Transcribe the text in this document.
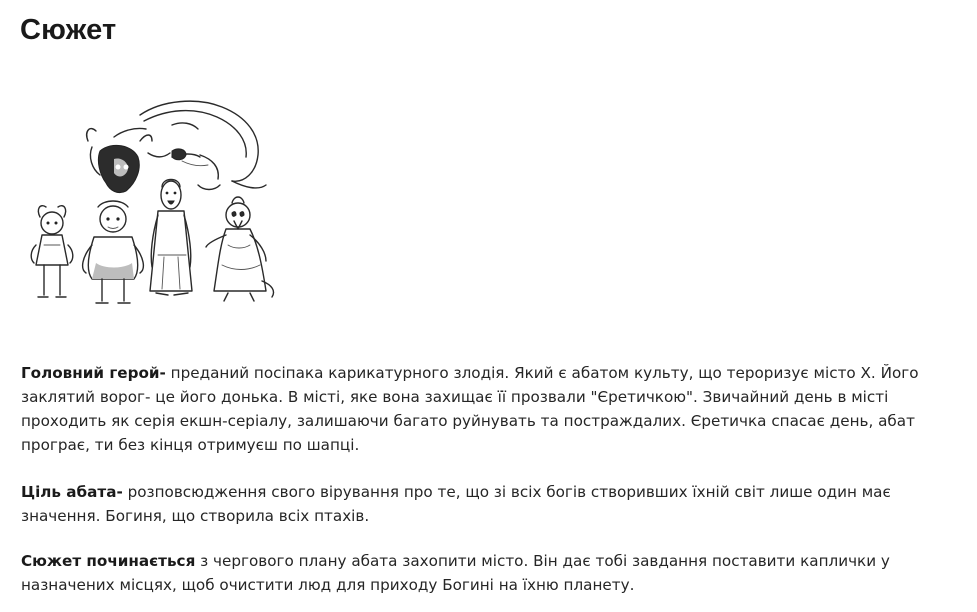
Сюжет

Головний герой- преданий посіпака карикатурного злодія. Який є абатом культу, що тероризує місто Х. Його заклятий ворог- це його донька. В місті, яке вона захищає її прозвали "Єретичкою". Звичайний день в місті проходить як серія екшн-серіалу, залишаючи багато руйнувать та постраждалих. Єретичка спасає день, абат програє, ти без кінця отримуєш по шапці.

Ціль абата- розповсюдження свого вірування про те, що зі всіх богів створивших їхній світ лише один має значення. Богиня, що створила всіх птахів.

Сюжет починається з чергового плану абата захопити місто. Він дає тобі завдання поставити каплички у назначених місцях, щоб очистити люд для приходу Богині на їхню планету.
